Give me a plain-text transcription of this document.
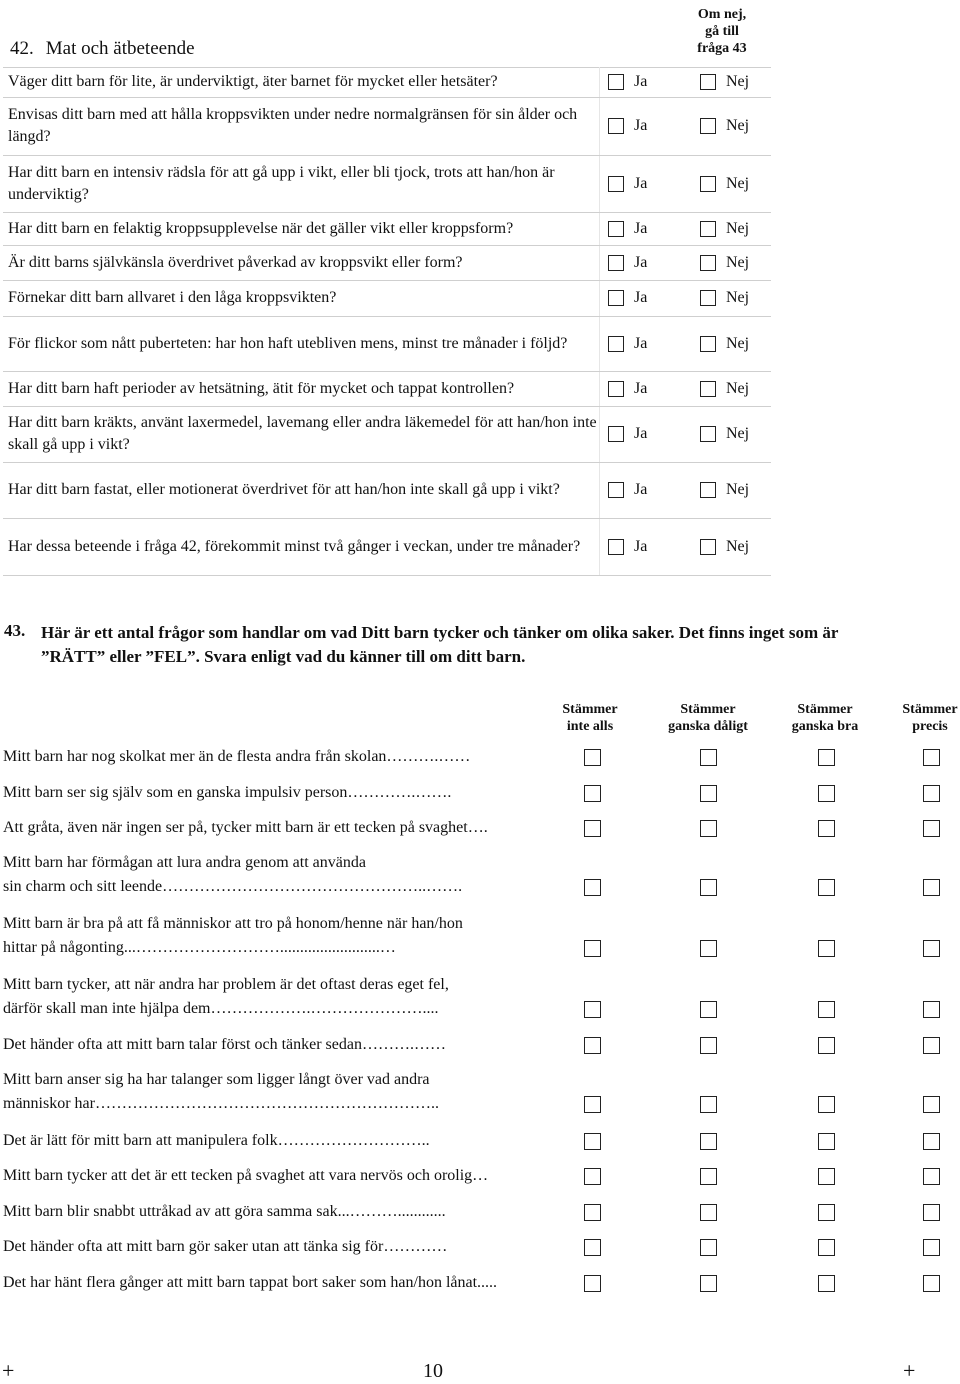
Om nej,
gå till
fråga 43
42. Mat och ätbeteende
Väger ditt barn för lite, är underviktigt, äter barnet för mycket eller hetsäter?	Ja	Nej
Envisas ditt barn med att hålla kroppsvikten under nedre normalgränsen för sin ålder och längd?
Ja	Nej
Har ditt barn en intensiv rädsla för att gå upp i vikt, eller bli tjock, trots att han/hon är underviktig?
Ja	Nej
Har ditt barn en felaktig kroppsupplevelse när det gäller vikt eller kroppsform?	Ja	Nej
Är ditt barns självkänsla överdrivet påverkad av kroppsvikt eller form?	Ja	Nej
Förnekar ditt barn allvaret i den låga kroppsvikten?	Ja	Nej
För flickor som nått puberteten: har hon haft utebliven mens, minst tre månader i följd?	Ja	Nej
Har ditt barn haft perioder av hetsätning, ätit för mycket och tappat kontrollen?	Ja	Nej
Har ditt barn kräkts, använt laxermedel, lavemang eller andra läkemedel för att han/hon inte skall gå upp i vikt?
Ja	Nej
Har ditt barn fastat, eller motionerat överdrivet för att han/hon inte skall gå upp i vikt?	Ja	Nej
Har dessa beteende i fråga 42, förekommit minst två gånger i veckan, under tre månader?	Ja	Nej
43. Här är ett antal frågor som handlar om vad Ditt barn tycker och tänker om olika saker. Det finns inget som är ”RÄTT” eller ”FEL”. Svara enligt vad du känner till om ditt barn.
Stämmer
inte alls
Stämmer
ganska dåligt
Stämmer
ganska bra
Stämmer
precis
Mitt barn har nog skolkat mer än de flesta andra från skolan……….……
Mitt barn ser sig själv som en ganska impulsiv person………….…….
Att gråta, även när ingen ser på, tycker mitt barn är ett tecken på svaghet….
Mitt barn har förmågan att lura andra genom att använda
sin charm och sitt leende…………………………………………..…….
Mitt barn är bra på att få människor att tro på honom/henne när han/hon
hittar på någonting...……………………….........................…
Mitt barn tycker, att när andra har problem är det oftast deras eget fel,
därför skall man inte hjälpa dem……………….…………………....
Det händer ofta att mitt barn talar först och tänker sedan……….……
Mitt barn anser sig ha har talanger som ligger långt över vad andra
människor har………………………………………………………..
Det är lätt för mitt barn att manipulera folk………………………..
Mitt barn tycker att det är ett tecken på svaghet att vara nervös och orolig…
Mitt barn blir snabbt uttråkad av att göra samma sak...………............
Det händer ofta att mitt barn gör saker utan att tänka sig för…………
Det har hänt flera gånger att mitt barn tappat bort saker som han/hon lånat.....
+	10	+
